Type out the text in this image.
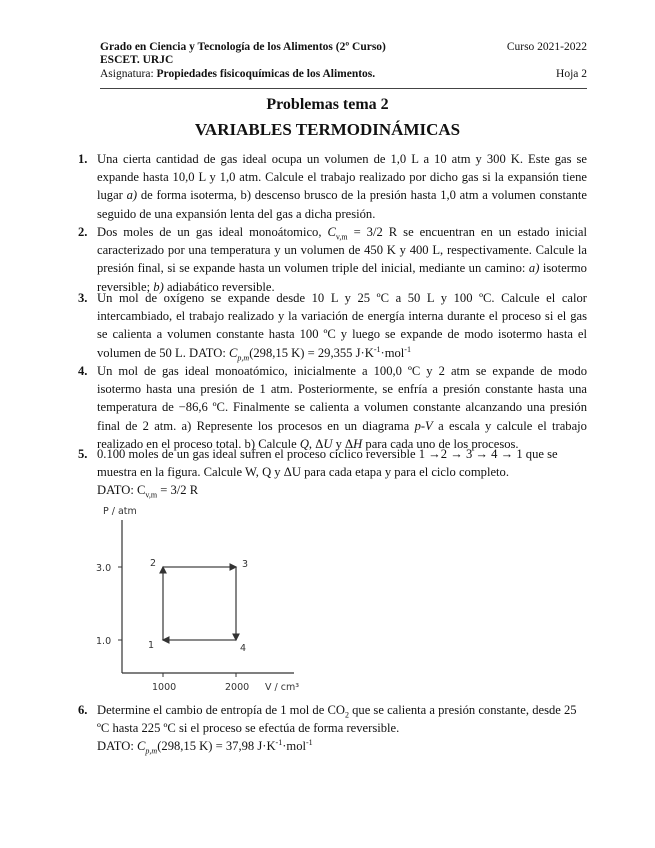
Grado en Ciencia y Tecnología de los Alimentos (2º Curso)
ESCET. URJC
Asignatura: Propiedades fisicoquímicas de los Alimentos.
Curso 2021-2022
Hoja 2
Problemas tema 2
VARIABLES TERMODINÁMICAS
1. Una cierta cantidad de gas ideal ocupa un volumen de 1,0 L a 10 atm y 300 K. Este gas se expande hasta 10,0 L y 1,0 atm. Calcule el trabajo realizado por dicho gas si la expansión tiene lugar a) de forma isoterma, b) descenso brusco de la presión hasta 1,0 atm a volumen constante seguido de una expansión lenta del gas a dicha presión.
2. Dos moles de un gas ideal monoátomico, $C_{v,m} = 3/2$ R se encuentran en un estado inicial caracterizado por una temperatura y un volumen de 450 K y 400 L, respectivamente. Calcule la presión final, si se expande hasta un volumen triple del inicial, mediante un camino: a) isotermo reversible; b) adiabático reversible.
3. Un mol de oxígeno se expande desde 10 L y 25 ºC a 50 L y 100 ºC. Calcule el calor intercambiado, el trabajo realizado y la variación de energía interna durante el proceso si el gas se calienta a volumen constante hasta 100 ºC y luego se expande de modo isotermo hasta el volumen de 50 L. DATO: $C_{p,m}(298,15$ K) = 29,355 $J\cdot K^{-1}\cdot mol^{-1}$
4. Un mol de gas ideal monoatómico, inicialmente a 100,0 ºC y 2 atm se expande de modo isotermo hasta una presión de 1 atm. Posteriormente, se enfría a presión constante hasta una temperatura de −86,6 ºC. Finalmente se calienta a volumen constante alcanzando una presión final de 2 atm. a) Represente los procesos en un diagrama p-V a escala y calcule el trabajo realizado en el proceso total. b) Calcule Q, ΔU y ΔH para cada uno de los procesos.
5. 0.100 moles de un gas ideal sufren el proceso cíclico reversible 1 →2 → 3 → 4 → 1 que se muestra en la figura. Calcule W, Q y ΔU para cada etapa y para el ciclo completo.
DATO: $C_{v,m} = 3/2$ R
P / atm
V / cm³
1000	2000
3.0
1.0	1
2	3
4
6. Determine el cambio de entropía de 1 mol de $CO_2$ que se calienta a presión constante, desde 25 ºC hasta 225 ºC si el proceso se efectúa de forma reversible.
DATO: $C_{p,m}(298,15$ K) = 37,98 $J\cdot K^{-1}\cdot mol^{-1}$
